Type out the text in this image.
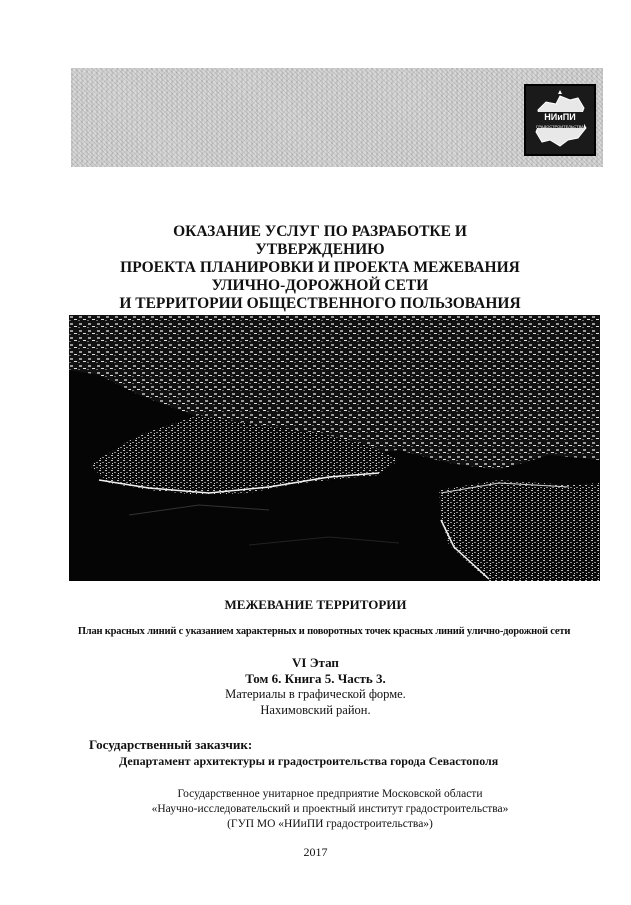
НИиПИ
ГРАДОСТРОИТЕЛЬСТВА
ОКАЗАНИЕ УСЛУГ ПО РАЗРАБОТКЕ И УТВЕРЖДЕНИЮ
ПРОЕКТА ПЛАНИРОВКИ И ПРОЕКТА МЕЖЕВАНИЯ
УЛИЧНО-ДОРОЖНОЙ СЕТИ
И ТЕРРИТОРИИ ОБЩЕСТВЕННОГО ПОЛЬЗОВАНИЯ
МЕЖЕВАНИЕ ТЕРРИТОРИИ
План красных линий с указанием характерных и поворотных точек красных линий улично-дорожной сети
VI Этап
Том 6. Книга 5. Часть 3.
Материалы в графической форме.
Нахимовский район.
Государственный заказчик:
Департамент архитектуры и градостроительства города Севастополя
Государственное унитарное предприятие Московской области
«Научно-исследовательский и проектный институт градостроительства»
(ГУП МО «НИиПИ градостроительства»)
2017
